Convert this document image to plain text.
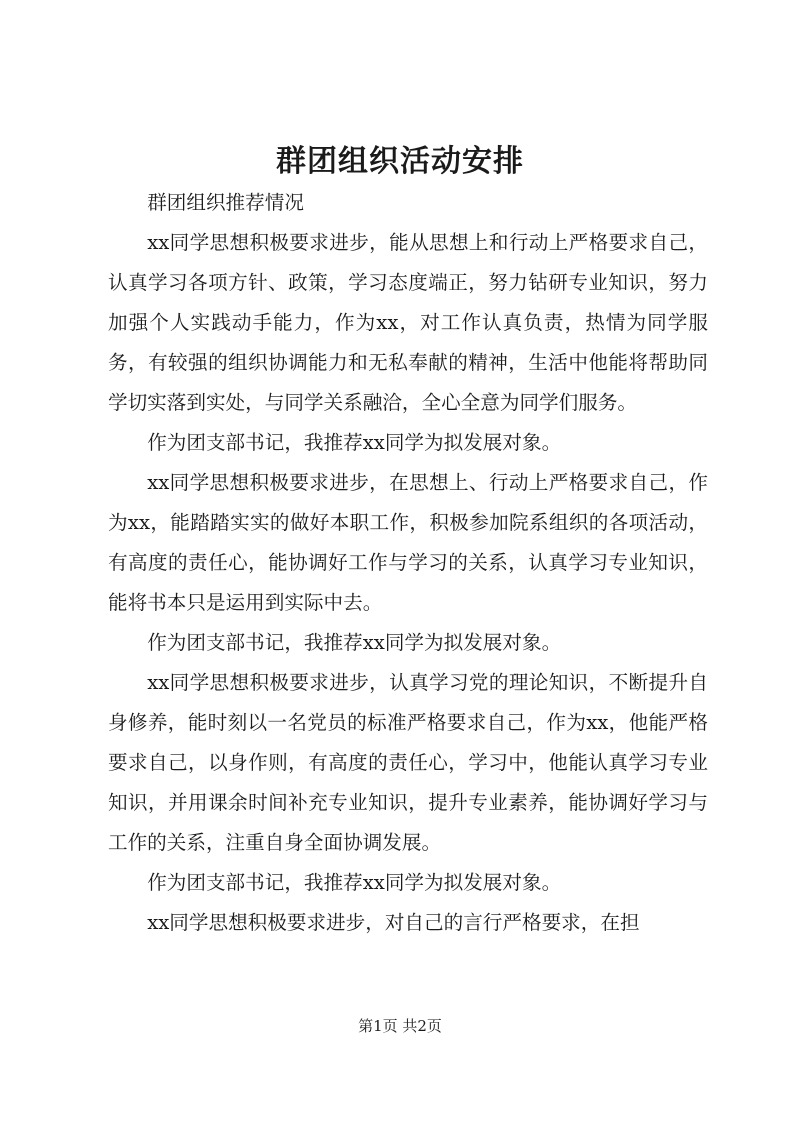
群团组织活动安排

群团组织推荐情况

xx同学思想积极要求进步，能从思想上和行动上严格要求自己，认真学习各项方针、政策，学习态度端正，努力钻研专业知识，努力加强个人实践动手能力，作为xx，对工作认真负责，热情为同学服务，有较强的组织协调能力和无私奉献的精神，生活中他能将帮助同学切实落到实处，与同学关系融洽，全心全意为同学们服务。

作为团支部书记，我推荐xx同学为拟发展对象。

xx同学思想积极要求进步，在思想上、行动上严格要求自己，作为xx，能踏踏实实的做好本职工作，积极参加院系组织的各项活动，有高度的责任心，能协调好工作与学习的关系，认真学习专业知识，能将书本只是运用到实际中去。

作为团支部书记，我推荐xx同学为拟发展对象。

xx同学思想积极要求进步，认真学习党的理论知识，不断提升自身修养，能时刻以一名党员的标准严格要求自己，作为xx，他能严格要求自己，以身作则，有高度的责任心，学习中，他能认真学习专业知识，并用课余时间补充专业知识，提升专业素养，能协调好学习与工作的关系，注重自身全面协调发展。

作为团支部书记，我推荐xx同学为拟发展对象。

xx同学思想积极要求进步，对自己的言行严格要求，在担

第1页 共2页
